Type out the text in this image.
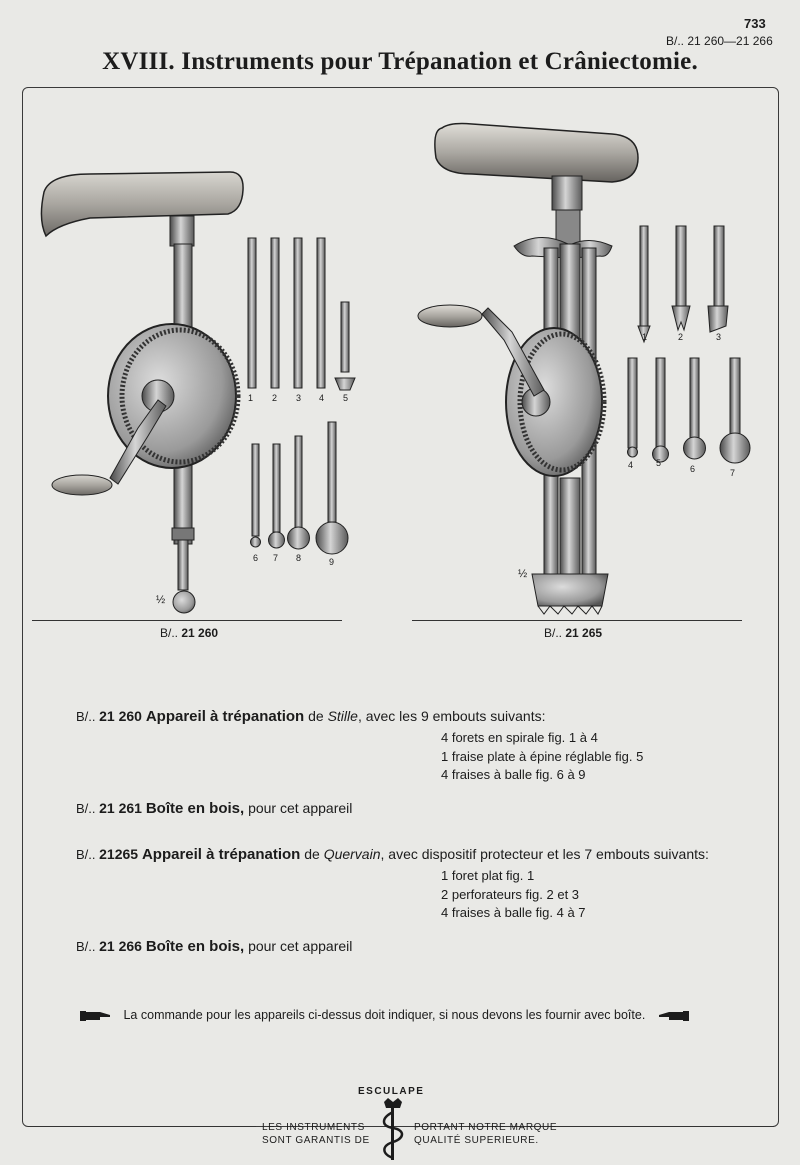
733
B/.. 21 260—21 266
XVIII. Instruments pour Trépanation et Crâniectomie.
1 2 3 4 5
6 7 8	9
½
B/.. 21 260
1	2	3
4	5
6	7
½
B/.. 21 265
B/.. 21 260 Appareil à trépanation de Stille, avec les 9 embouts suivants:
4 forets en spirale fig. 1 à 4
1 fraise plate à épine réglable fig. 5
4 fraises à balle fig. 6 à 9
B/.. 21 261 Boîte en bois, pour cet appareil
B/.. 21265 Appareil à trépanation de Quervain, avec dispositif protecteur et les 7 embouts suivants:
1 foret plat fig. 1
2 perforateurs fig. 2 et 3
4 fraises à balle fig. 4 à 7
B/.. 21 266 Boîte en bois, pour cet appareil
La commande pour les appareils ci-dessus doit indiquer, si nous devons les fournir avec boîte.
ESCULAPE
LES INSTRUMENTS
SONT GARANTIS DE
PORTANT NOTRE MARQUE
QUALITÉ SUPERIEURE.
